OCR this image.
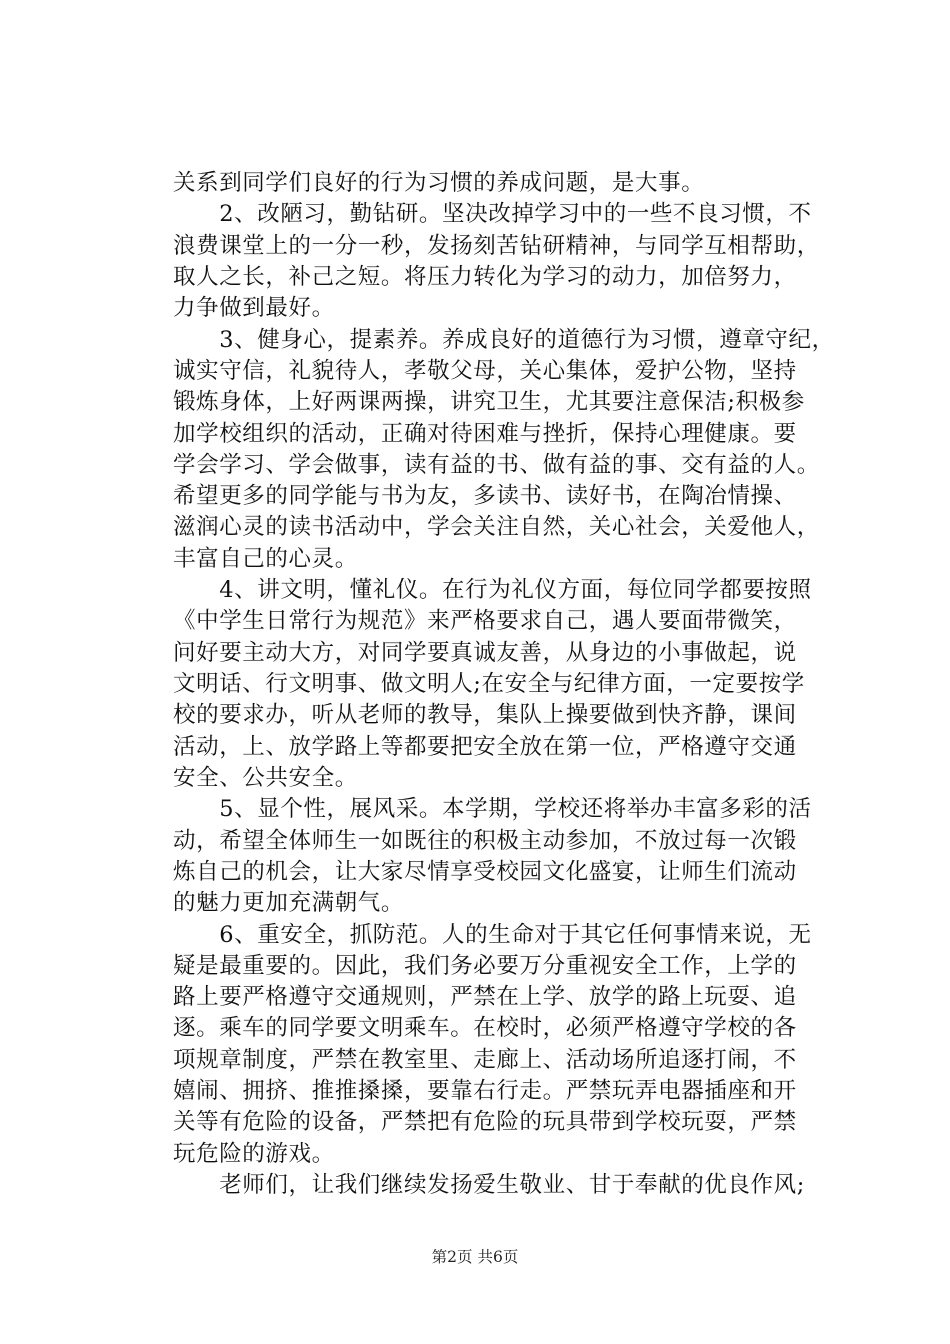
关系到同学们良好的行为习惯的养成问题，是大事。
　　2、改陋习，勤钻研。坚决改掉学习中的一些不良习惯，不
浪费课堂上的一分一秒，发扬刻苦钻研精神，与同学互相帮助，
取人之长，补己之短。将压力转化为学习的动力，加倍努力，
力争做到最好。
　　3、健身心，提素养。养成良好的道德行为习惯，遵章守纪，
诚实守信，礼貌待人，孝敬父母，关心集体，爱护公物，坚持
锻炼身体，上好两课两操，讲究卫生，尤其要注意保洁;积极参
加学校组织的活动，正确对待困难与挫折，保持心理健康。要
学会学习、学会做事，读有益的书、做有益的事、交有益的人。
希望更多的同学能与书为友，多读书、读好书，在陶冶情操、
滋润心灵的读书活动中，学会关注自然，关心社会，关爱他人，
丰富自己的心灵。
　　4、讲文明，懂礼仪。在行为礼仪方面，每位同学都要按照
《中学生日常行为规范》来严格要求自己，遇人要面带微笑，
问好要主动大方，对同学要真诚友善，从身边的小事做起，说
文明话、行文明事、做文明人;在安全与纪律方面，一定要按学
校的要求办，听从老师的教导，集队上操要做到快齐静，课间
活动，上、放学路上等都要把安全放在第一位，严格遵守交通
安全、公共安全。
　　5、显个性，展风采。本学期，学校还将举办丰富多彩的活
动，希望全体师生一如既往的积极主动参加，不放过每一次锻
炼自己的机会，让大家尽情享受校园文化盛宴，让师生们流动
的魅力更加充满朝气。
　　6、重安全，抓防范。人的生命对于其它任何事情来说，无
疑是最重要的。因此，我们务必要万分重视安全工作，上学的
路上要严格遵守交通规则，严禁在上学、放学的路上玩耍、追
逐。乘车的同学要文明乘车。在校时，必须严格遵守学校的各
项规章制度，严禁在教室里、走廊上、活动场所追逐打闹，不
嬉闹、拥挤、推推搡搡，要靠右行走。严禁玩弄电器插座和开
关等有危险的设备，严禁把有危险的玩具带到学校玩耍，严禁
玩危险的游戏。
　　老师们，让我们继续发扬爱生敬业、甘于奉献的优良作风;
第2页 共6页
